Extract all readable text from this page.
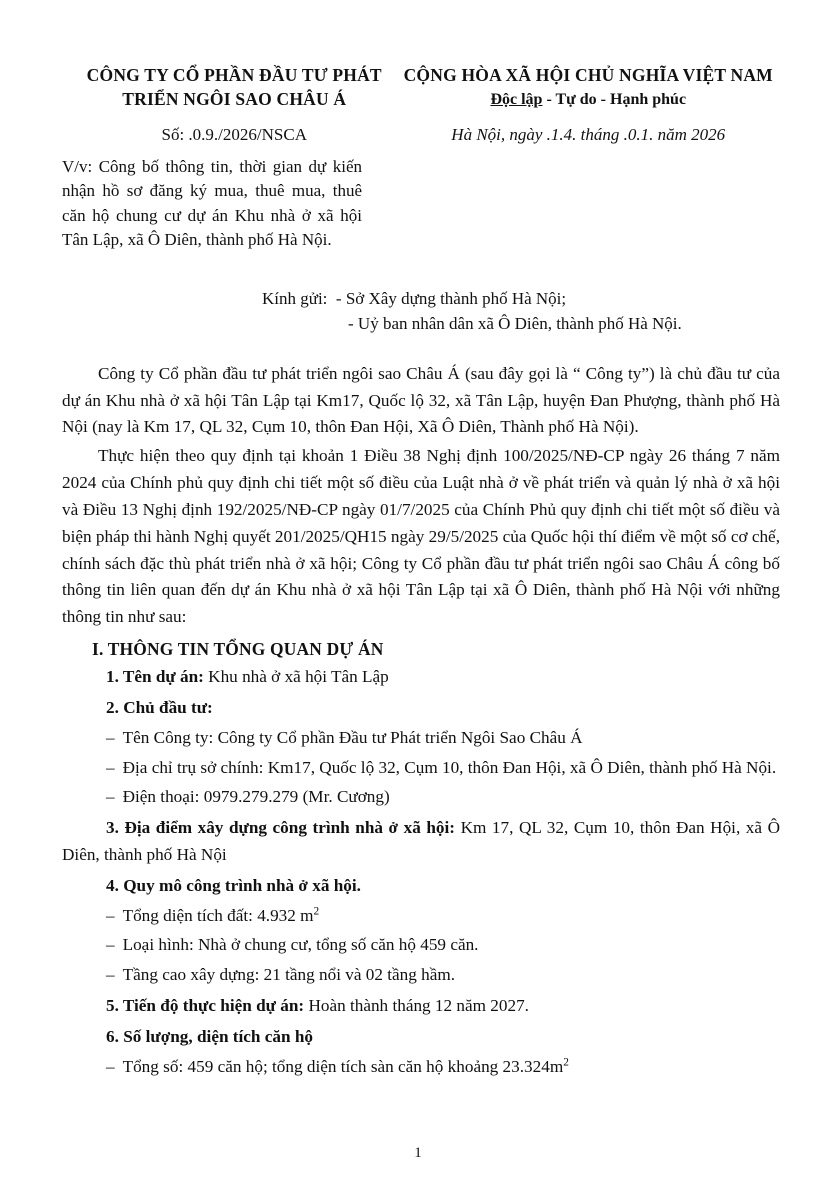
CÔNG TY CỔ PHẦN ĐẦU TƯ PHÁT TRIỂN NGÔI SAO CHÂU Á
CỘNG HÒA XÃ HỘI CHỦ NGHĨA VIỆT NAM
Độc lập - Tự do - Hạnh phúc
Số: .0.9./2026/NSCA	Hà Nội, ngày .1.4. tháng .0.1. năm 2026
V/v: Công bố thông tin, thời gian dự kiến nhận hồ sơ đăng ký mua, thuê mua, thuê căn hộ chung cư dự án Khu nhà ở xã hội Tân Lập, xã Ô Diên, thành phố Hà Nội.
Kính gửi: - Sở Xây dựng thành phố Hà Nội;
- Uỷ ban nhân dân xã Ô Diên, thành phố Hà Nội.

Công ty Cổ phần đầu tư phát triển ngôi sao Châu Á (sau đây gọi là “ Công ty”) là chủ đầu tư của dự án Khu nhà ở xã hội Tân Lập tại Km17, Quốc lộ 32, xã Tân Lập, huyện Đan Phượng, thành phố Hà Nội (nay là Km 17, QL 32, Cụm 10, thôn Đan Hội, Xã Ô Diên, Thành phố Hà Nội).

Thực hiện theo quy định tại khoản 1 Điều 38 Nghị định 100/2025/NĐ-CP ngày 26 tháng 7 năm 2024 của Chính phủ quy định chi tiết một số điều của Luật nhà ở về phát triển và quản lý nhà ở xã hội và Điều 13 Nghị định 192/2025/NĐ-CP ngày 01/7/2025 của Chính Phủ quy định chi tiết một số điều và biện pháp thi hành Nghị quyết 201/2025/QH15 ngày 29/5/2025 của Quốc hội thí điểm về một số cơ chế, chính sách đặc thù phát triển nhà ở xã hội; Công ty Cổ phần đầu tư phát triển ngôi sao Châu Á công bố thông tin liên quan đến dự án Khu nhà ở xã hội Tân Lập tại xã Ô Diên, thành phố Hà Nội với những thông tin như sau:

I. THÔNG TIN TỔNG QUAN DỰ ÁN
1. Tên dự án: Khu nhà ở xã hội Tân Lập
2. Chủ đầu tư:
– Tên Công ty: Công ty Cổ phần Đầu tư Phát triển Ngôi Sao Châu Á
– Địa chỉ trụ sở chính: Km17, Quốc lộ 32, Cụm 10, thôn Đan Hội, xã Ô Diên, thành phố Hà Nội.
– Điện thoại: 0979.279.279 (Mr. Cương)
3. Địa điểm xây dựng công trình nhà ở xã hội: Km 17, QL 32, Cụm 10, thôn Đan Hội, xã Ô Diên, thành phố Hà Nội
4. Quy mô công trình nhà ở xã hội.
– Tổng diện tích đất: 4.932 $m^2$
– Loại hình: Nhà ở chung cư, tổng số căn hộ 459 căn.
– Tầng cao xây dựng: 21 tầng nổi và 02 tầng hầm.
5. Tiến độ thực hiện dự án: Hoàn thành tháng 12 năm 2027.
6. Số lượng, diện tích căn hộ
– Tổng số: 459 căn hộ; tổng diện tích sàn căn hộ khoảng $23.324m^2$
1
